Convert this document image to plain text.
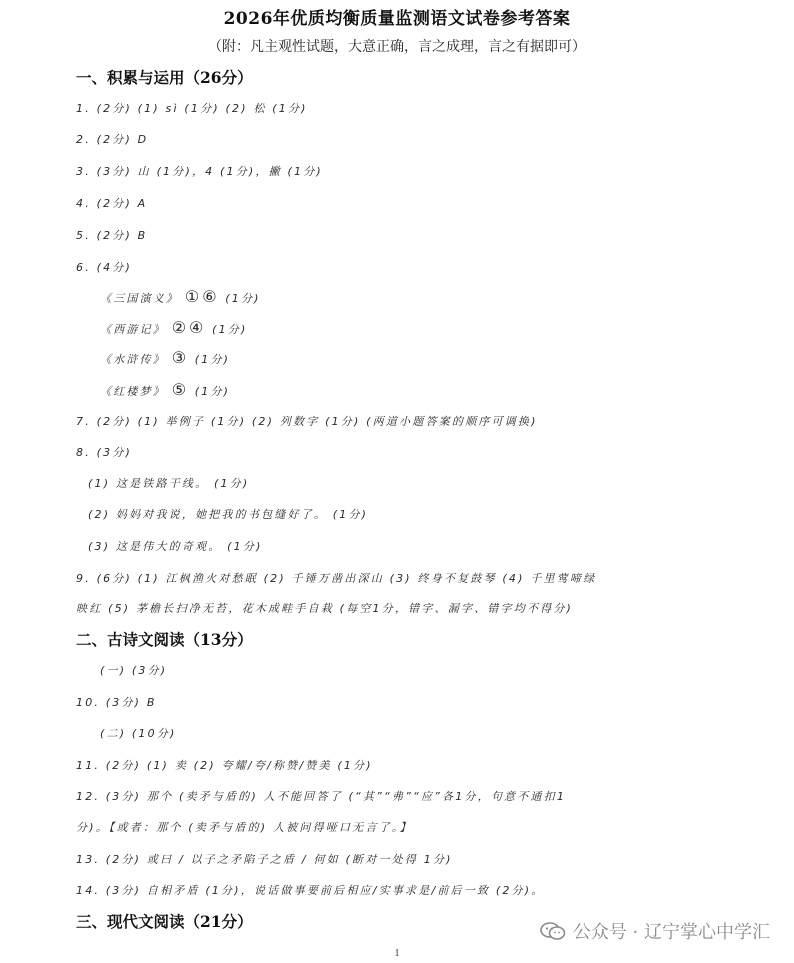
2026年优质均衡质量监测语文试卷参考答案
（附：凡主观性试题，大意正确，言之成理，言之有据即可）
一、积累与运用（26分）
1. (2分) (1) sì (1分) (2) 松 (1分)
2. (2分) D
3. (3分) 山 (1分)，4 (1分)，撇 (1分)
4. (2分) A
5. (2分) B
6. (4分)
《三国演义》 ①⑥ (1分)
《西游记》 ②④ (1分)
《水浒传》 ③ (1分)
《红楼梦》 ⑤ (1分)
7. (2分) (1) 举例子 (1分) (2) 列数字 (1分) (两道小题答案的顺序可调换)
8. (3分)
(1) 这是铁路干线。 (1分)
(2) 妈妈对我说，她把我的书包缝好了。 (1分)
(3) 这是伟大的奇观。 (1分)
9. (6分) (1) 江枫渔火对愁眠 (2) 千锤万凿出深山 (3) 终身不复鼓琴 (4) 千里莺啼绿
映红 (5) 茅檐长扫净无苔，花木成畦手自栽 (每空1分，错字、漏字、错字均不得分)
二、古诗文阅读（13分）
(一) (3分)
10. (3分) B
(二) (10分)
11. (2分) (1) 卖 (2) 夸耀/夸/称赞/赞美 (1分)
12. (3分) 那个 (卖矛与盾的) 人不能回答了 (“其”“弗”“应”各1分，句意不通扣1
分)。【或者：那个 (卖矛与盾的) 人被问得哑口无言了。】
13. (2分) 或曰 / 以子之矛陷子之盾 / 何如 (断对一处得 1分)
14. (3分) 自相矛盾 (1分)，说话做事要前后相应/实事求是/前后一致 (2分)。
三、现代文阅读（21分）
公众号 · 辽宁掌心中学汇
1
